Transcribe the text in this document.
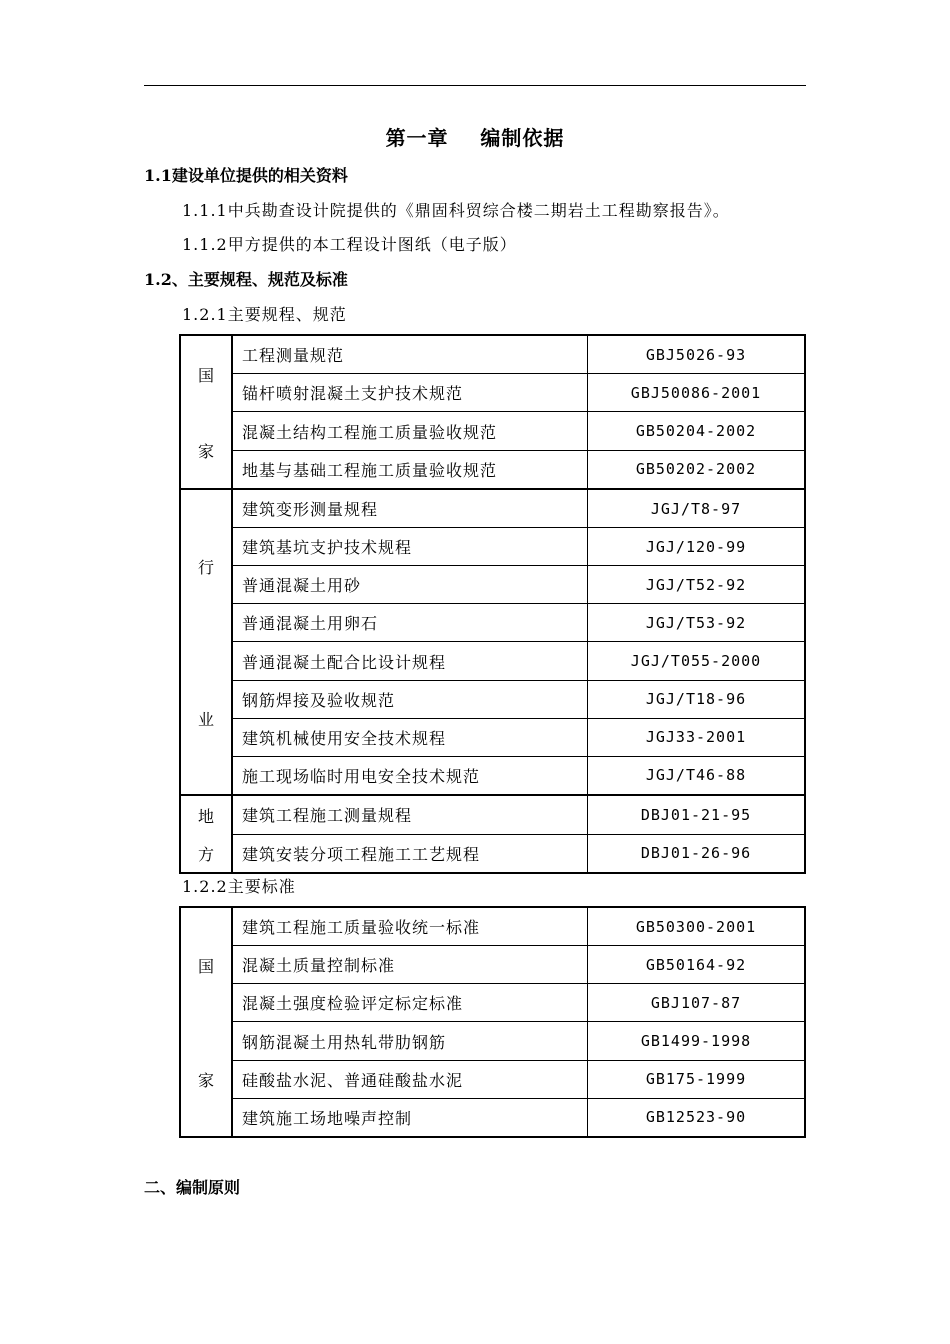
第一章    编制依据
1.1建设单位提供的相关资料
1.1.1中兵勘查设计院提供的《鼎固科贸综合楼二期岩土工程勘察报告》。
1.1.2甲方提供的本工程设计图纸（电子版）
1.2、主要规程、规范及标准
1.2.1主要规程、规范
国
家	工程测量规范	GBJ5026-93
	锚杆喷射混凝土支护技术规范	GBJ50086-2001
	混凝土结构工程施工质量验收规范	GB50204-2002
	地基与基础工程施工质量验收规范	GB50202-2002

行
业	建筑变形测量规程	JGJ/T8-97
	建筑基坑支护技术规程	JGJ/120-99
	普通混凝土用砂	JGJ/T52-92
	普通混凝土用卵石	JGJ/T53-92
	普通混凝土配合比设计规程	JGJ/T055-2000
	钢筋焊接及验收规范	JGJ/T18-96
	建筑机械使用安全技术规程	JGJ33-2001
	施工现场临时用电安全技术规范	JGJ/T46-88

地
方	建筑工程施工测量规程	DBJ01-21-95
	建筑安装分项工程施工工艺规程	DBJ01-26-96
1.2.2主要标准
国
家	建筑工程施工质量验收统一标准	GB50300-2001
	混凝土质量控制标准	GB50164-92
	混凝土强度检验评定标定标准	GBJ107-87
	钢筋混凝土用热轧带肋钢筋	GB1499-1998
	硅酸盐水泥、普通硅酸盐水泥	GB175-1999
	建筑施工场地噪声控制	GB12523-90
二、编制原则
